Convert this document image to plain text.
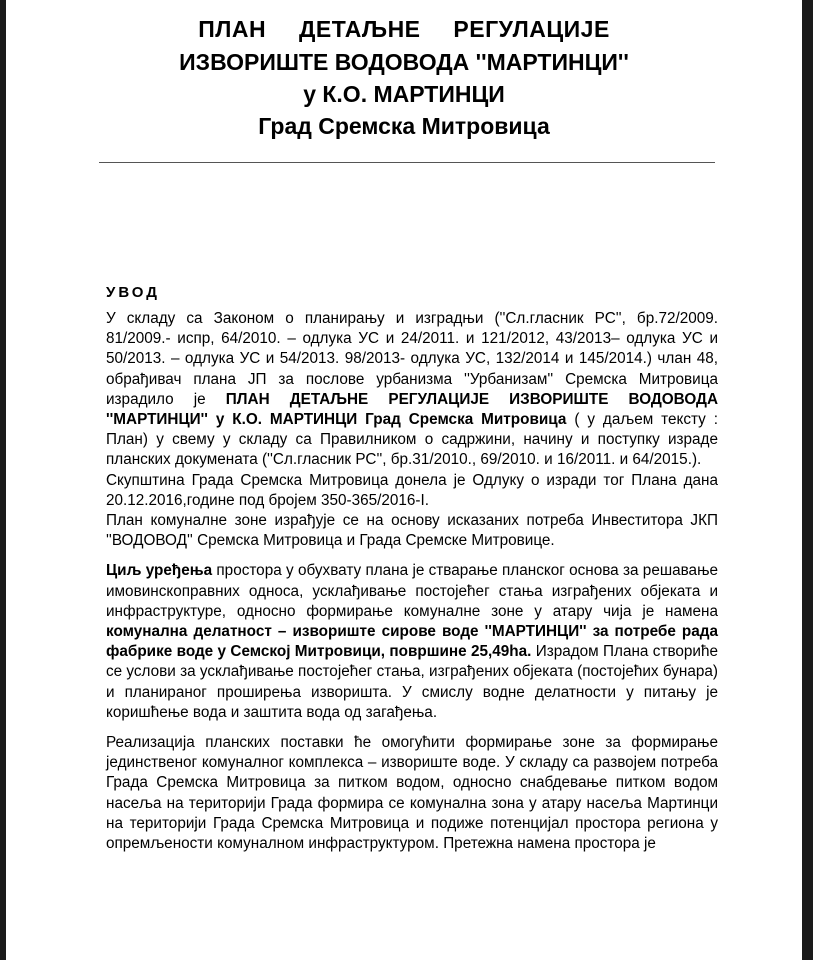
ПЛАН ДЕТАЉНЕ РЕГУЛАЦИЈЕ
ИЗВОРИШТЕ ВОДОВОДА ''МАРТИНЦИ''
у К.О. МАРТИНЦИ
Град Сремска Митровица
УВОД

У складу са Законом о планирању и изградњи (''Сл.гласник РС'', бр.72/2009. 81/2009.- испр, 64/2010. – одлука УС и 24/2011. и 121/2012, 43/2013– одлука УС и 50/2013. – одлука УС и 54/2013. 98/2013- одлука УС, 132/2014 и 145/2014.) члан 48, обрађивач плана ЈП за послове урбанизма ''Урбанизам'' Сремска Митровица израдило је ПЛАН ДЕТАЉНЕ РЕГУЛАЦИЈЕ ИЗВОРИШТЕ ВОДОВОДА ''МАРТИНЦИ'' у К.О. МАРТИНЦИ Град Сремска Митровица ( у даљем тексту : План) у свему у складу са Правилником о садржини, начину и поступку израде планских докумената (''Сл.гласник РС'', бр.31/2010., 69/2010. и 16/2011. и 64/2015.).

Скупштина Града Сремска Митровица донела је Одлуку о изради тог Плана дана 20.12.2016,године под бројем 350-365/2016-I.

План комуналне зоне израђује се на основу исказаних потреба Инвеститора ЈКП ''ВОДОВОД'' Сремска Митровица и Града Сремске Митровице.

Циљ уређења простора у обухвату плана је стварање планског основа за решавање имовинскоправних односа, усклађивање постојећег стања изграђених објеката и инфраструктуре, односно формирање комуналне зоне у атару чија је намена комунална делатност – извориште сирове воде ''МАРТИНЦИ'' за потребе рада фабрике воде у Семској Митровици, површине 25,49ha. Израдом Плана створиће се услови за усклађивање постојећег стања, изграђених објеката (постојећих бунара) и планираног проширења изворишта. У смислу водне делатности у питању је коришћење вода и заштита вода од загађења.

Реализација планских поставки ће омогућити формирање зоне за формирање јединственог комуналног комплекса – извориште воде. У складу са развојем потреба Града Сремска Митровица за питком водом, односно снабдевање питком водом насеља на територији Града формира се комунална зона у атару насеља Мартинци на територији Града Сремска Митровица и подиже потенцијал простора региона у опремљености комуналном инфраструктуром. Претежна намена простора је
